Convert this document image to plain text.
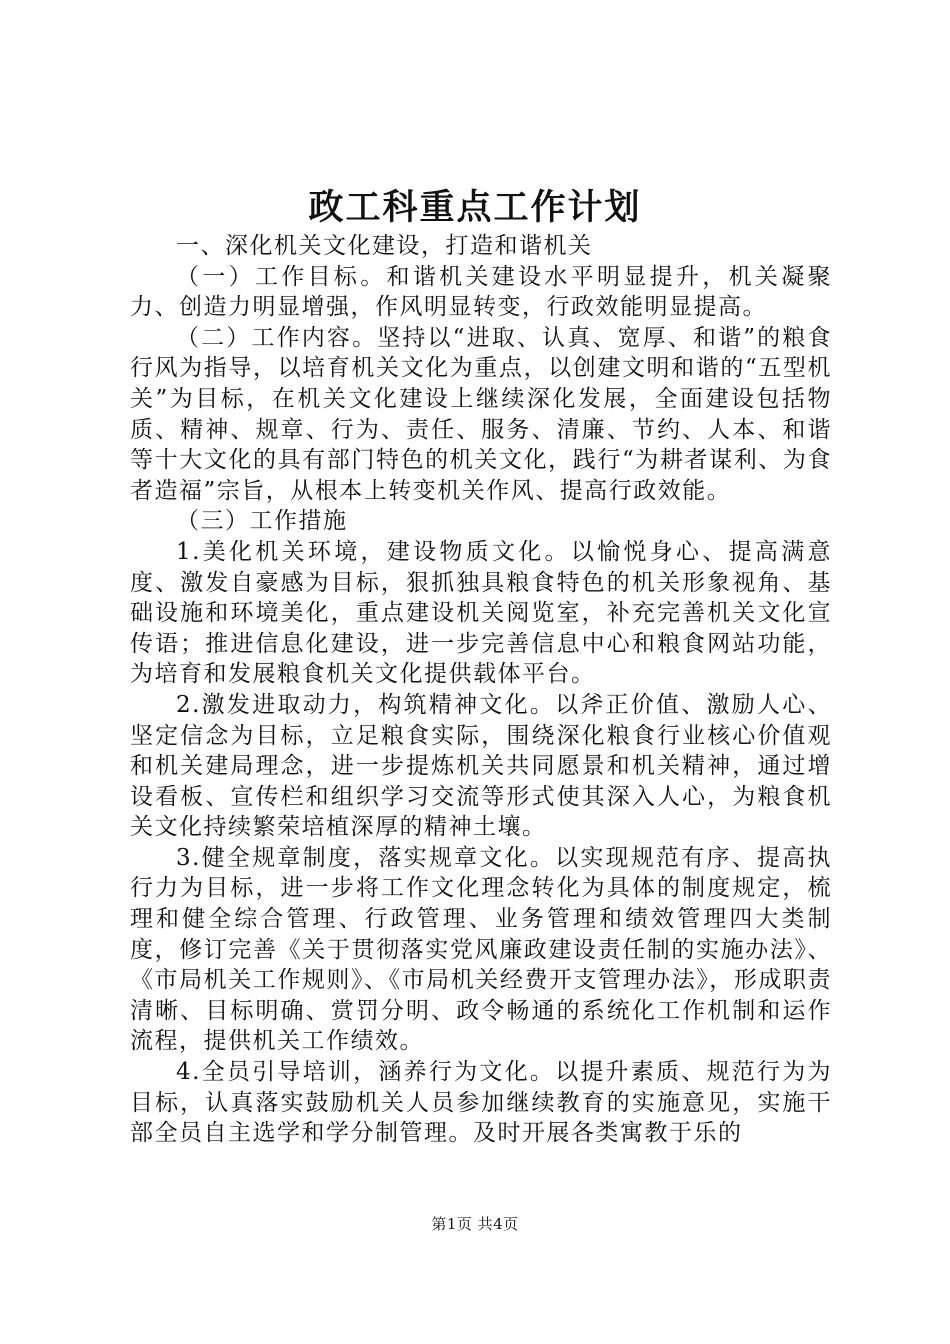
政工科重点工作计划

一、深化机关文化建设，打造和谐机关

（一）工作目标。和谐机关建设水平明显提升，机关凝聚力、创造力明显增强，作风明显转变，行政效能明显提高。

（二）工作内容。坚持以“进取、认真、宽厚、和谐”的粮食行风为指导，以培育机关文化为重点，以创建文明和谐的“五型机关”为目标，在机关文化建设上继续深化发展，全面建设包括物质、精神、规章、行为、责任、服务、清廉、节约、人本、和谐等十大文化的具有部门特色的机关文化，践行“为耕者谋利、为食者造福”宗旨，从根本上转变机关作风、提高行政效能。

（三）工作措施

1.美化机关环境，建设物质文化。以愉悦身心、提高满意度、激发自豪感为目标，狠抓独具粮食特色的机关形象视角、基础设施和环境美化，重点建设机关阅览室，补充完善机关文化宣传语；推进信息化建设，进一步完善信息中心和粮食网站功能，为培育和发展粮食机关文化提供载体平台。

2.激发进取动力，构筑精神文化。以斧正价值、激励人心、坚定信念为目标，立足粮食实际，围绕深化粮食行业核心价值观和机关建局理念，进一步提炼机关共同愿景和机关精神，通过增设看板、宣传栏和组织学习交流等形式使其深入人心，为粮食机关文化持续繁荣培植深厚的精神土壤。

3.健全规章制度，落实规章文化。以实现规范有序、提高执行力为目标，进一步将工作文化理念转化为具体的制度规定，梳理和健全综合管理、行政管理、业务管理和绩效管理四大类制度，修订完善《关于贯彻落实党风廉政建设责任制的实施办法》、《市局机关工作规则》、《市局机关经费开支管理办法》，形成职责清晰、目标明确、赏罚分明、政令畅通的系统化工作机制和运作流程，提供机关工作绩效。

4.全员引导培训，涵养行为文化。以提升素质、规范行为为目标，认真落实鼓励机关人员参加继续教育的实施意见，实施干部全员自主选学和学分制管理。及时开展各类寓教于乐的

第1页 共4页
